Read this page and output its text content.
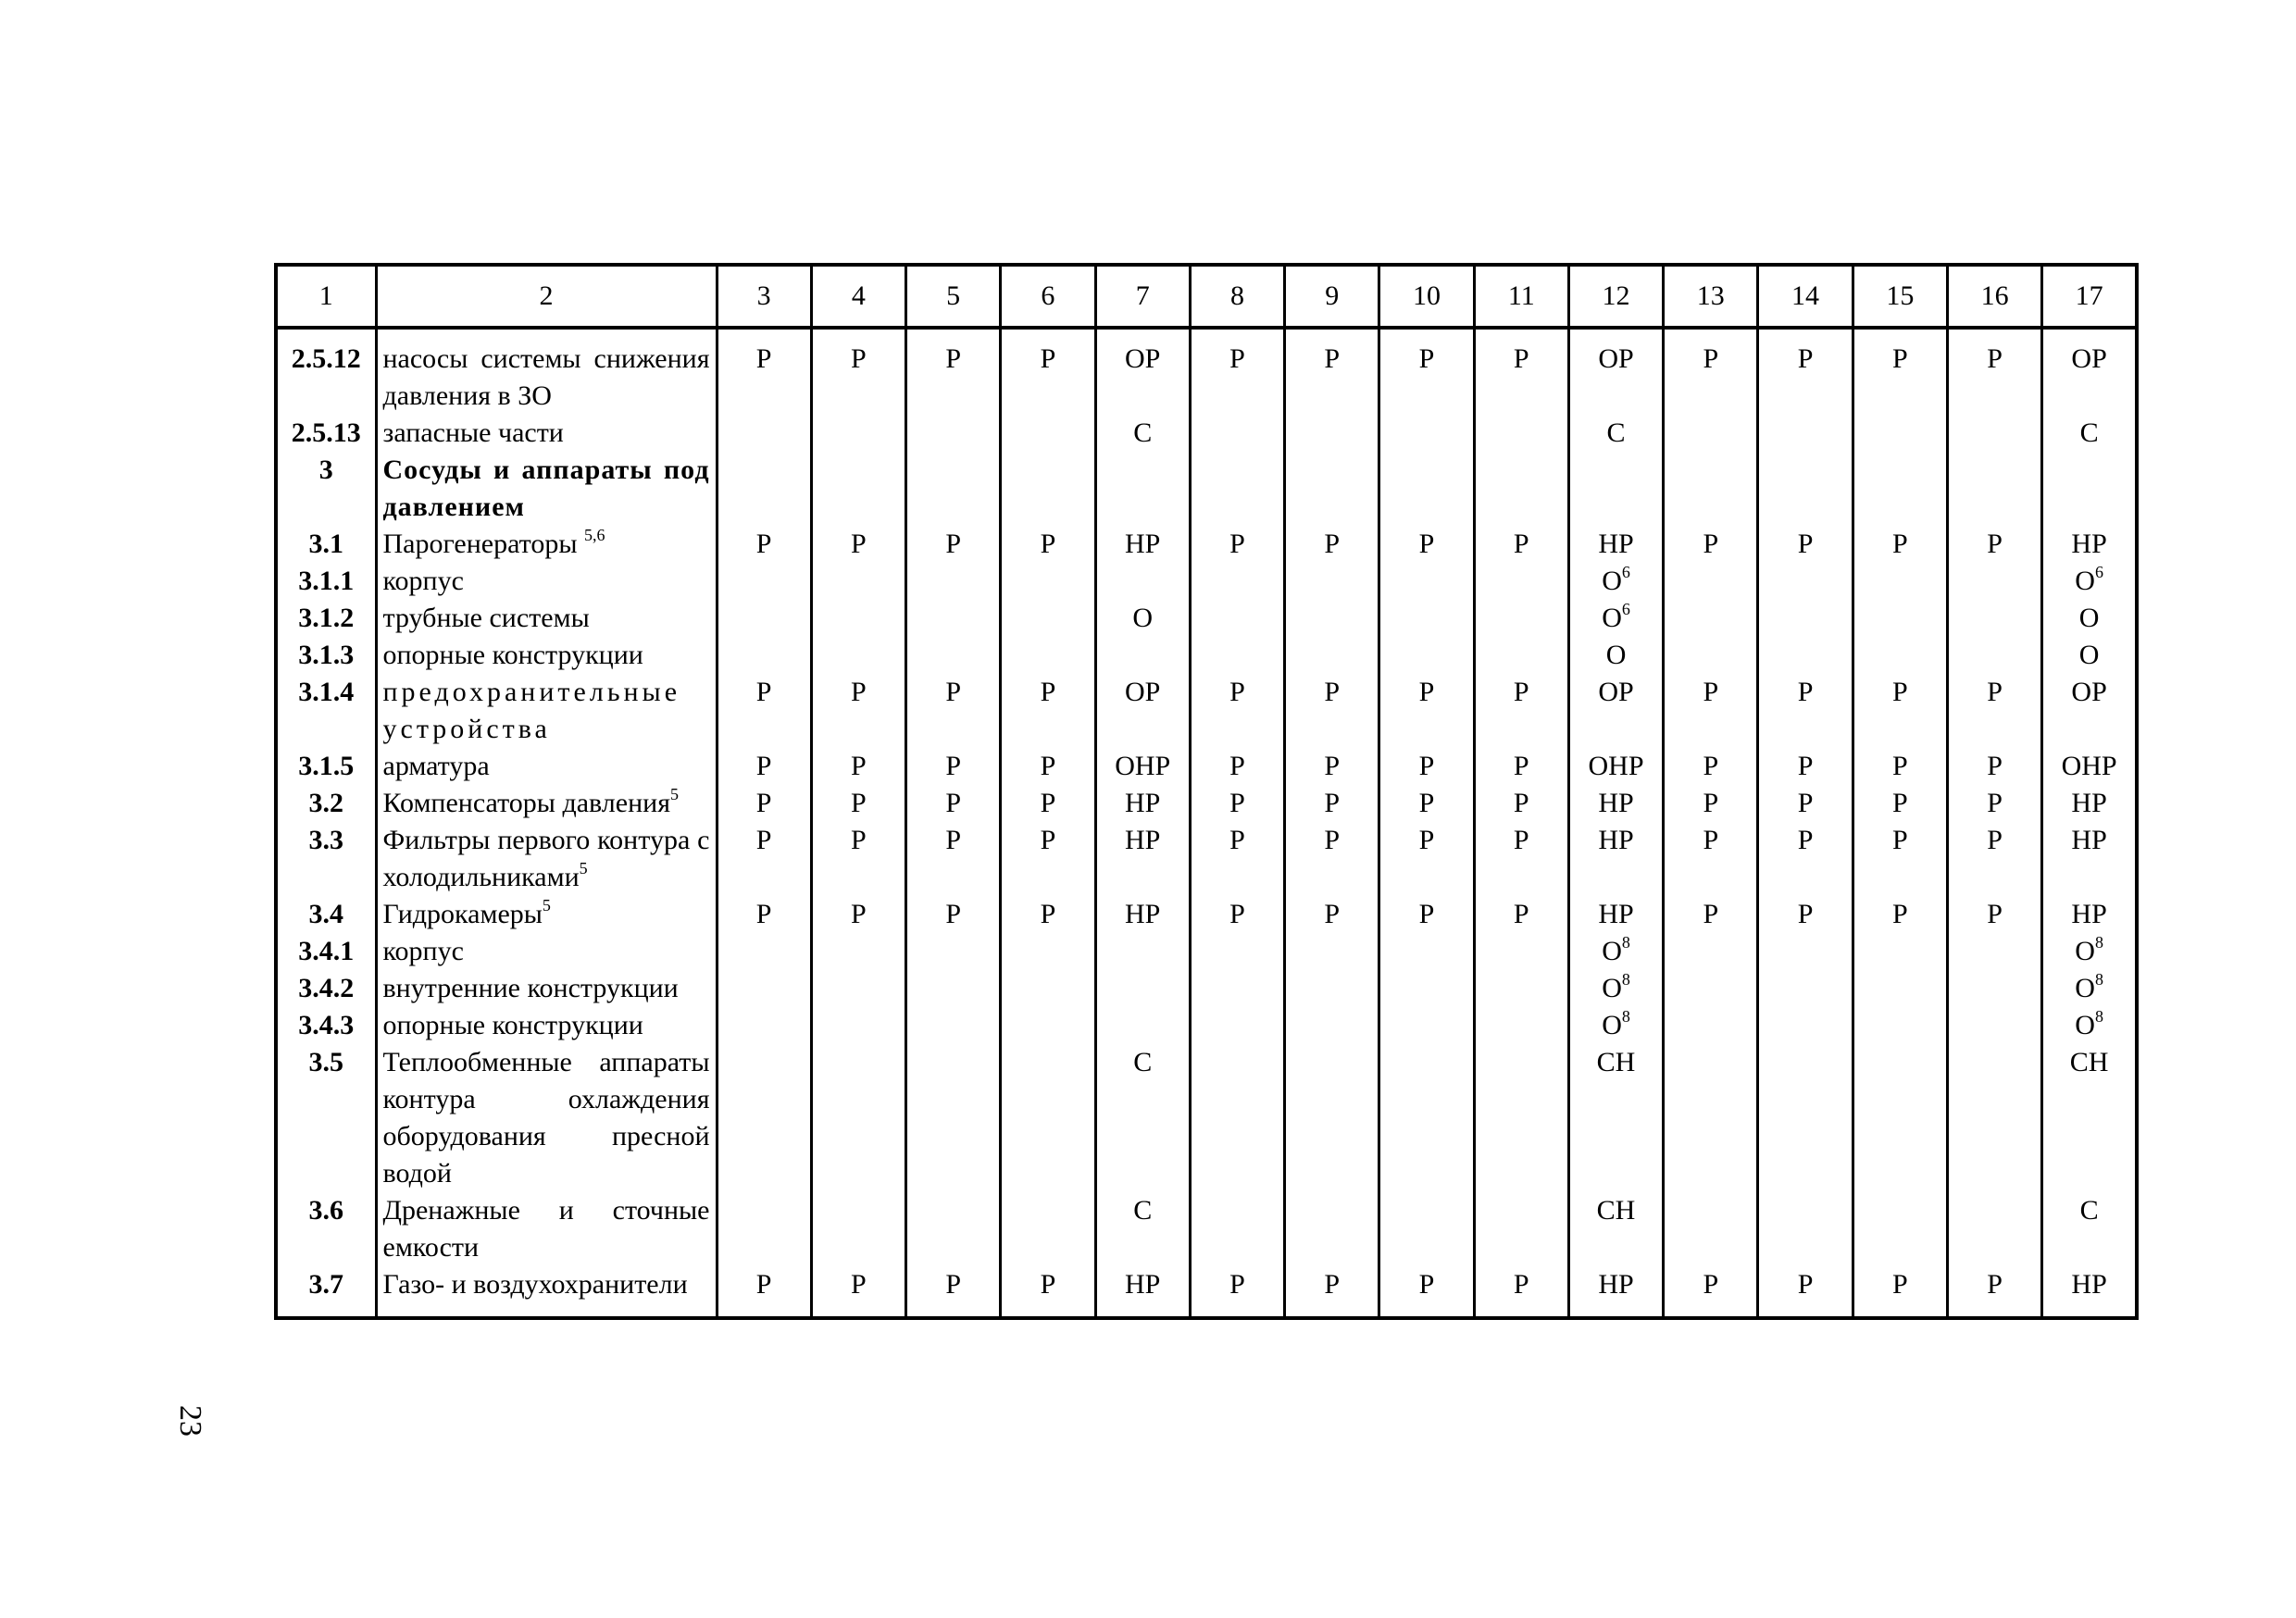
23
1	2	3	4	5	6	7	8	9	10	11	12	13	14	15	16	17

2.5.12	насосы системы снижения давления в ЗО	Р	Р	Р	Р	ОР	Р	Р	Р	Р	ОР	Р	Р	Р	Р	ОР
2.5.13	запасные части					С					С					С

3	Сосуды и аппараты под давлением															
3.1	Парогенераторы $^{5,6}$	Р	Р	Р	Р	НР	Р	Р	Р	Р	НР	Р	Р	Р	Р	НР
3.1.1	корпус										$О^6$					$О^6$
3.1.2	трубные системы					О					$О^6$					О
3.1.3	опорные конструкции										О					О
3.1.4	предохранительные устройства	Р	Р	Р	Р	ОР	Р	Р	Р	Р	ОР	Р	Р	Р	Р	ОР
3.1.5	арматура	Р	Р	Р	Р	ОНР	Р	Р	Р	Р	ОНР	Р	Р	Р	Р	ОНР
3.2	Компенсаторы давления$^5$	Р	Р	Р	Р	НР	Р	Р	Р	Р	НР	Р	Р	Р	Р	НР
3.3	Фильтры первого контура с холодильниками$^5$	Р	Р	Р	Р	НР	Р	Р	Р	Р	НР	Р	Р	Р	Р	НР
3.4	Гидрокамеры$^5$	Р	Р	Р	Р	НР	Р	Р	Р	Р	НР	Р	Р	Р	Р	НР
3.4.1	корпус										$О^8$					$О^8$
3.4.2	внутренние конструкции										$О^8$					$О^8$
3.4.3	опорные конструкции										$О^8$					$О^8$
3.5	Теплообменные аппараты контура охлаждения оборудования пресной водой					С					СН					СН
3.6	Дренажные и сточные емкости					С					СН					С
3.7	Газо- и воздухохранители	Р	Р	Р	Р	НР	Р	Р	Р	Р	НР	Р	Р	Р	Р	НР
